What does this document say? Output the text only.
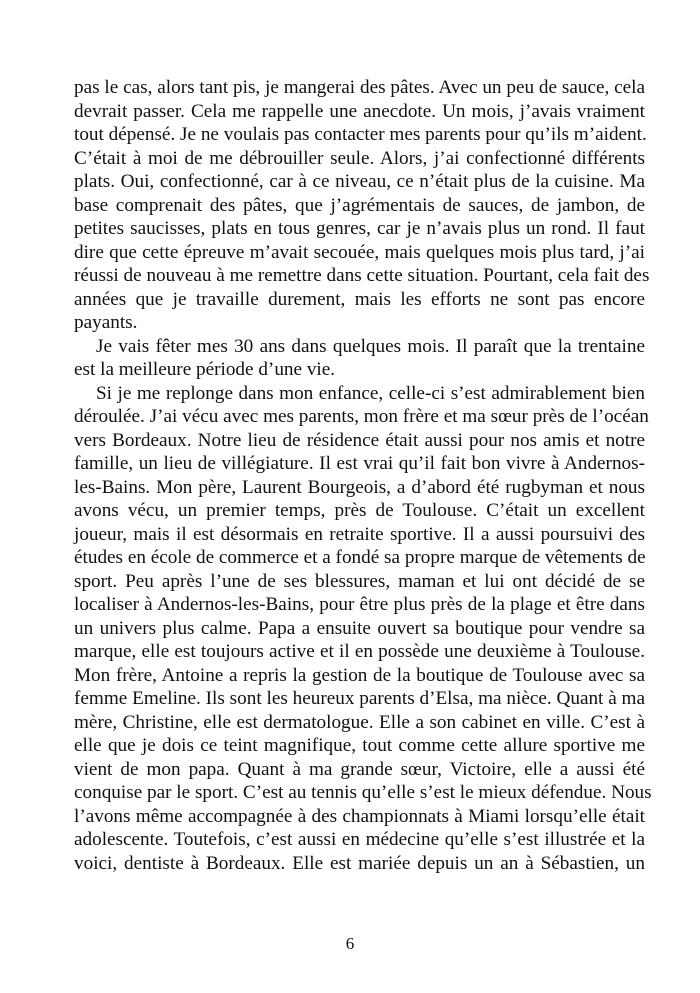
pas le cas, alors tant pis, je mangerai des pâtes. Avec un peu de sauce, cela
devrait passer. Cela me rappelle une anecdote. Un mois, j’avais vraiment
tout dépensé. Je ne voulais pas contacter mes parents pour qu’ils m’aident.
C’était à moi de me débrouiller seule. Alors, j’ai confectionné différents
plats. Oui, confectionné, car à ce niveau, ce n’était plus de la cuisine. Ma
base comprenait des pâtes, que j’agrémentais de sauces, de jambon, de
petites saucisses, plats en tous genres, car je n’avais plus un rond. Il faut
dire que cette épreuve m’avait secouée, mais quelques mois plus tard, j’ai
réussi de nouveau à me remettre dans cette situation. Pourtant, cela fait des
années que je travaille durement, mais les efforts ne sont pas encore
payants.
Je vais fêter mes 30 ans dans quelques mois. Il paraît que la trentaine
est la meilleure période d’une vie.
Si je me replonge dans mon enfance, celle-ci s’est admirablement bien
déroulée. J’ai vécu avec mes parents, mon frère et ma sœur près de l’océan
vers Bordeaux. Notre lieu de résidence était aussi pour nos amis et notre
famille, un lieu de villégiature. Il est vrai qu’il fait bon vivre à Andernos-
les-Bains. Mon père, Laurent Bourgeois, a d’abord été rugbyman et nous
avons vécu, un premier temps, près de Toulouse. C’était un excellent
joueur, mais il est désormais en retraite sportive. Il a aussi poursuivi des
études en école de commerce et a fondé sa propre marque de vêtements de
sport. Peu après l’une de ses blessures, maman et lui ont décidé de se
localiser à Andernos-les-Bains, pour être plus près de la plage et être dans
un univers plus calme. Papa a ensuite ouvert sa boutique pour vendre sa
marque, elle est toujours active et il en possède une deuxième à Toulouse.
Mon frère, Antoine a repris la gestion de la boutique de Toulouse avec sa
femme Emeline. Ils sont les heureux parents d’Elsa, ma nièce. Quant à ma
mère, Christine, elle est dermatologue. Elle a son cabinet en ville. C’est à
elle que je dois ce teint magnifique, tout comme cette allure sportive me
vient de mon papa. Quant à ma grande sœur, Victoire, elle a aussi été
conquise par le sport. C’est au tennis qu’elle s’est le mieux défendue. Nous
l’avons même accompagnée à des championnats à Miami lorsqu’elle était
adolescente. Toutefois, c’est aussi en médecine qu’elle s’est illustrée et la
voici, dentiste à Bordeaux. Elle est mariée depuis un an à Sébastien, un
6
